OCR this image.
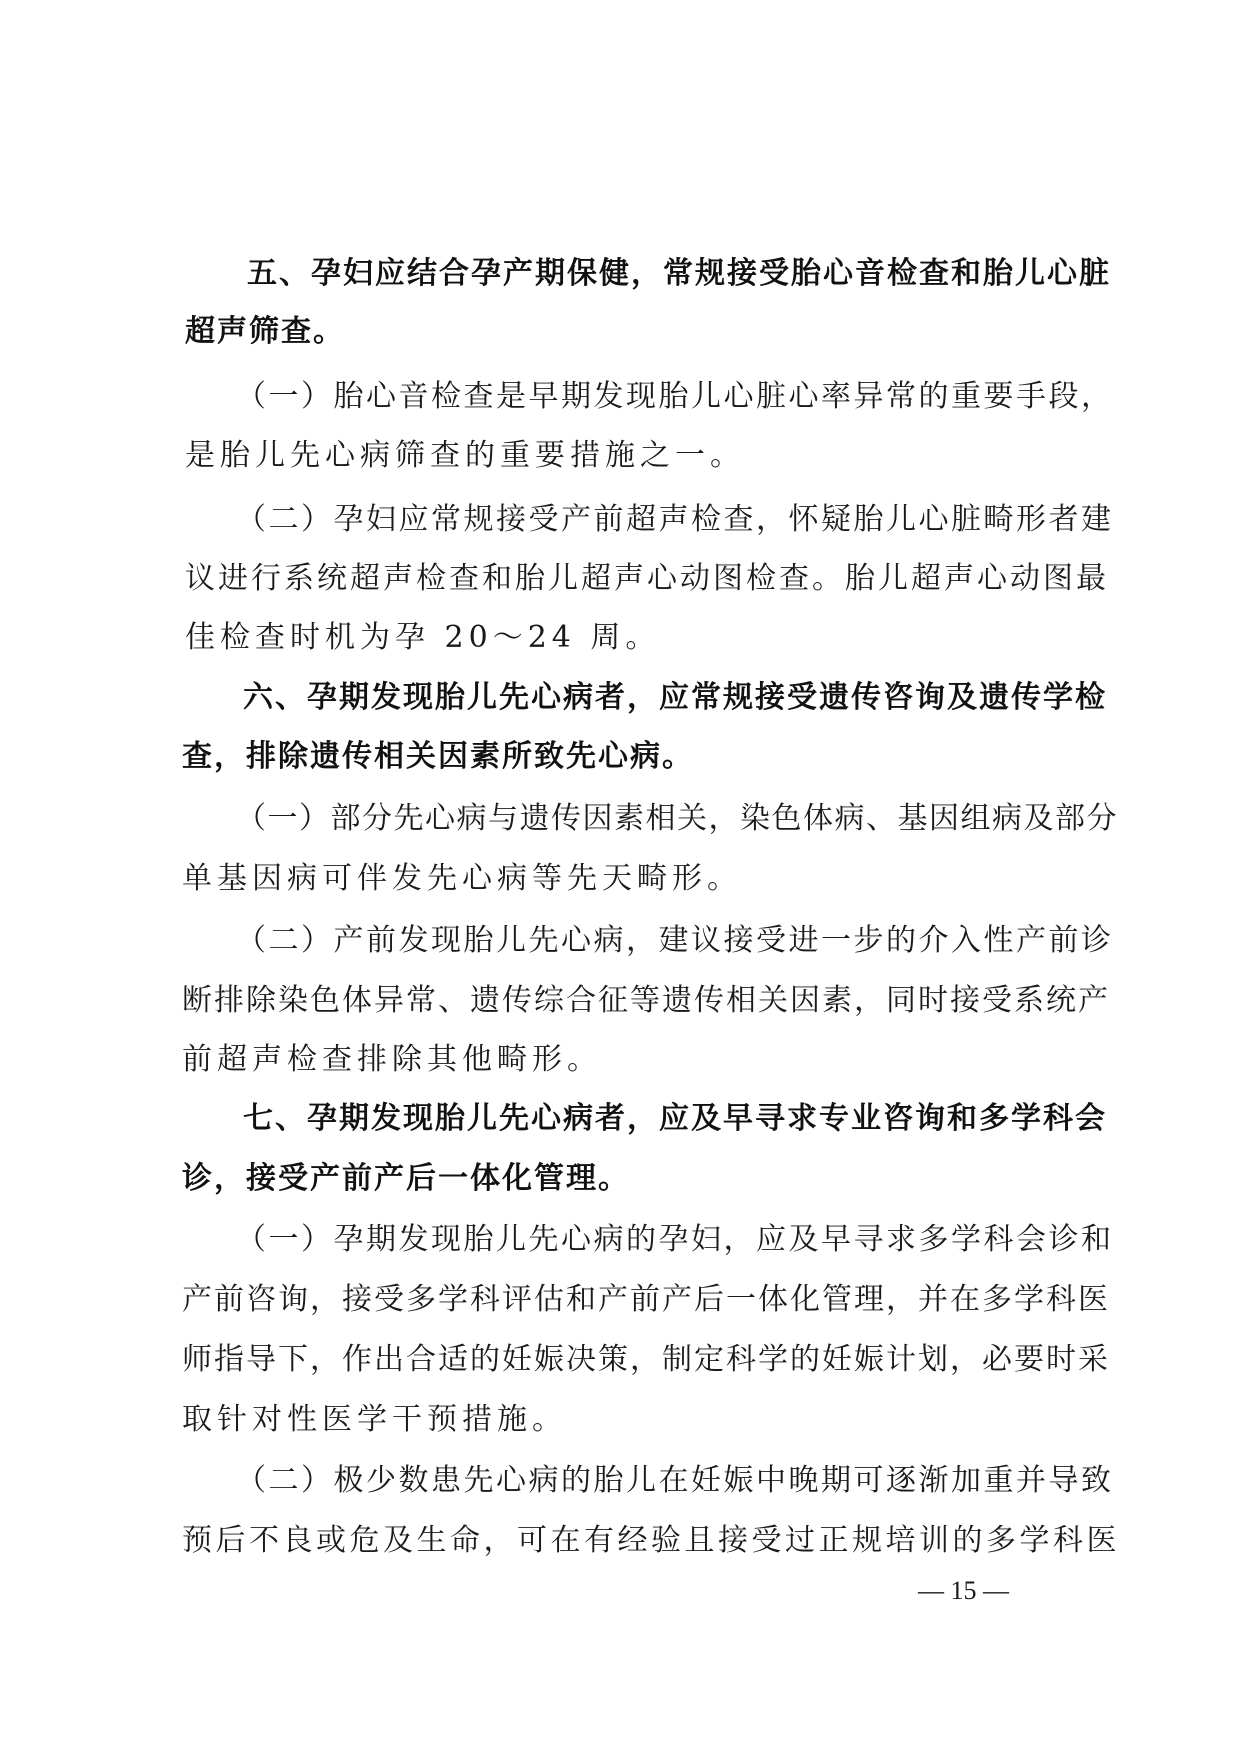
五、孕妇应结合孕产期保健，常规接受胎心音检查和胎儿心脏
超声筛查。
（一）胎心音检查是早期发现胎儿心脏心率异常的重要手段，
是胎儿先心病筛查的重要措施之一。
（二）孕妇应常规接受产前超声检查，怀疑胎儿心脏畸形者建
议进行系统超声检查和胎儿超声心动图检查。胎儿超声心动图最
佳检查时机为孕 20～24 周。
六、孕期发现胎儿先心病者，应常规接受遗传咨询及遗传学检
查，排除遗传相关因素所致先心病。
（一）部分先心病与遗传因素相关，染色体病、基因组病及部分
单基因病可伴发先心病等先天畸形。
（二）产前发现胎儿先心病，建议接受进一步的介入性产前诊
断排除染色体异常、遗传综合征等遗传相关因素，同时接受系统产
前超声检查排除其他畸形。
七、孕期发现胎儿先心病者，应及早寻求专业咨询和多学科会
诊，接受产前产后一体化管理。
（一）孕期发现胎儿先心病的孕妇，应及早寻求多学科会诊和
产前咨询，接受多学科评估和产前产后一体化管理，并在多学科医
师指导下，作出合适的妊娠决策，制定科学的妊娠计划，必要时采
取针对性医学干预措施。
（二）极少数患先心病的胎儿在妊娠中晚期可逐渐加重并导致
预后不良或危及生命，可在有经验且接受过正规培训的多学科医
— 15 —
